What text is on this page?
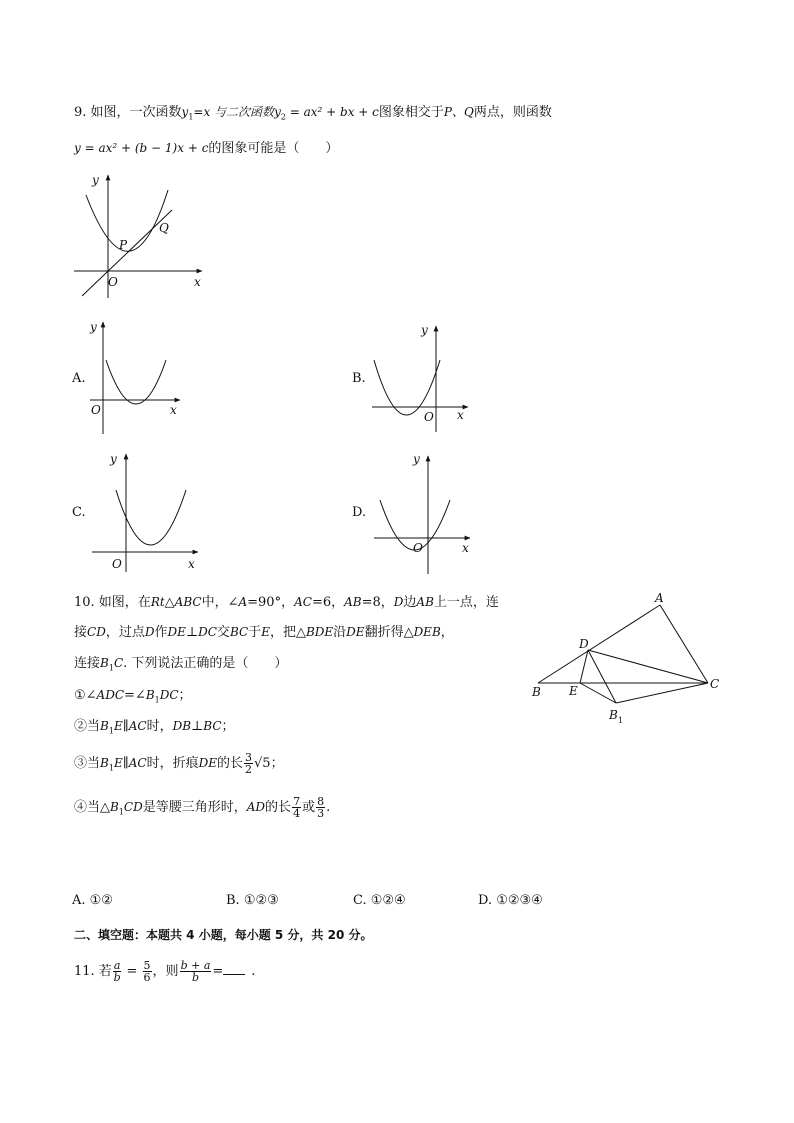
9. 如图，一次函数$y_1=x$ 与二次函数$y_2 = ax^2$ + bx + c图象相交于P、Q两点，则函数
y = ax² + (b − 1)x + c的图象可能是（　　）
y
x
O
P
Q
A.
y
x
O
B.
y
x
O
C.
y
x
O
D.
y
x
O
10. 如图，在Rt△ABC中，∠A=90°，AC=6，AB=8，D边AB上一点，连
接CD，过点D作DE⊥DC交BC于E，把△BDE沿DE翻折得△DEB，
连接$B_1C$. 下列说法正确的是（　　）
$①\angle ADC=\angle B_1DC$；
②当$B_1E\parallel AC$时，DB⊥BC；
③当$B_1E\parallel AC$时，折痕DE的长 $\frac{3}{2} √5$；
④当$\triangle B_1CD$是等腰三角形时，AD的长 $\frac{7}{4}$ 或 $\frac{8}{3}$ .
A
B
C
D
E
B 1
A. ①②	B. ①②③	C. ①②④	D. ①②③④
二、填空题：本题共 4 小题，每小题 5 分，共 20 分。
11. 若 $\frac{a}{b} = \frac{5}{6}$ ，则 $\frac{b + a}{b}$ = .
